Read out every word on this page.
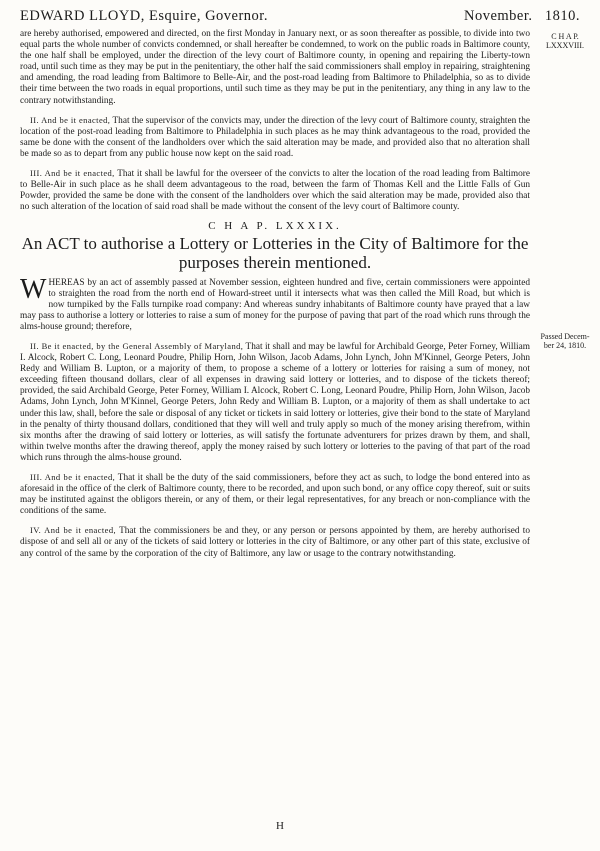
EDWARD LLOYD, Esquire, Governor.	November. 1810.
C H A P.
LXXXVIII.
Passed Decem- ber 24, 1810.

are hereby authorised, empowered and directed, on the first Monday in January next, or as soon thereafter as possible, to divide into two equal parts the whole number of convicts condemned, or shall hereafter be condemned, to work on the public roads in Baltimore county, the one half shall be employed, under the direction of the levy court of Baltimore county, in opening and repairing the Liberty-town road, until such time as they may be put in the penitentiary, the other half the said commissioners shall employ in repairing, straightening and amending, the road leading from Baltimore to Belle-Air, and the post-road leading from Baltimore to Philadelphia, so as to divide their time between the two roads in equal proportions, until such time as they may be put in the penitentiary, any thing in any law to the contrary notwithstanding.

II. And be it enacted, That the supervisor of the convicts may, under the direction of the levy court of Baltimore county, straighten the location of the post-road leading from Baltimore to Philadelphia in such places as he may think advantageous to the road, provided the same be done with the consent of the landholders over which the said alteration may be made, and provided also that no alteration shall be made so as to depart from any public house now kept on the said road.

III. And be it enacted, That it shall be lawful for the overseer of the convicts to alter the location of the road leading from Baltimore to Belle-Air in such place as he shall deem advantageous to the road, between the farm of Thomas Kell and the Little Falls of Gun Powder, provided the same be done with the consent of the landholders over which the said alteration may be made, provided also that no such alteration of the location of said road shall be made without the consent of the levy court of Baltimore county.

C H A P. LXXXIX.
An ACT to authorise a Lottery or Lotteries in the City of Baltimore for the purposes therein mentioned.

WHEREAS by an act of assembly passed at November session, eighteen hundred and five, certain commissioners were appointed to straighten the road from the north end of Howard-street until it intersects what was then called the Mill Road, but which is now turnpiked by the Falls turnpike road company: And whereas sundry inhabitants of Baltimore county have prayed that a law may pass to authorise a lottery or lotteries to raise a sum of money for the purpose of paving that part of the road which runs through the alms-house ground; therefore,

II. Be it enacted, by the General Assembly of Maryland, That it shall and may be lawful for Archibald George, Peter Forney, William I. Alcock, Robert C. Long, Leonard Poudre, Philip Horn, John Wilson, Jacob Adams, John Lynch, John M'Kinnel, George Peters, John Redy and William B. Lupton, or a majority of them, to propose a scheme of a lottery or lotteries for raising a sum of money, not exceeding fifteen thousand dollars, clear of all expenses in drawing said lottery or lotteries, and to dispose of the tickets thereof; provided, the said Archibald George, Peter Forney, William I. Alcock, Robert C. Long, Leonard Poudre, Philip Horn, John Wilson, Jacob Adams, John Lynch, John M'Kinnel, George Peters, John Redy and William B. Lupton, or a majority of them as shall undertake to act under this law, shall, before the sale or disposal of any ticket or tickets in said lottery or lotteries, give their bond to the state of Maryland in the penalty of thirty thousand dollars, conditioned that they will well and truly apply so much of the money arising therefrom, within six months after the drawing of said lottery or lotteries, as will satisfy the fortunate adventurers for prizes drawn by them, and shall, within twelve months after the drawing thereof, apply the money raised by such lottery or lotteries to the paving of that part of the road which runs through the alms-house ground.

III. And be it enacted, That it shall be the duty of the said commissioners, before they act as such, to lodge the bond entered into as aforesaid in the office of the clerk of Baltimore county, there to be recorded, and upon such bond, or any office copy thereof, suit or suits may be instituted against the obligors therein, or any of them, or their legal representatives, for any breach or non-compliance with the conditions of the same.

IV. And be it enacted, That the commissioners be and they, or any person or persons appointed by them, are hereby authorised to dispose of and sell all or any of the tickets of said lottery or lotteries in the city of Baltimore, or any other part of this state, exclusive of any control of the same by the corporation of the city of Baltimore, any law or usage to the contrary notwithstanding.

H
